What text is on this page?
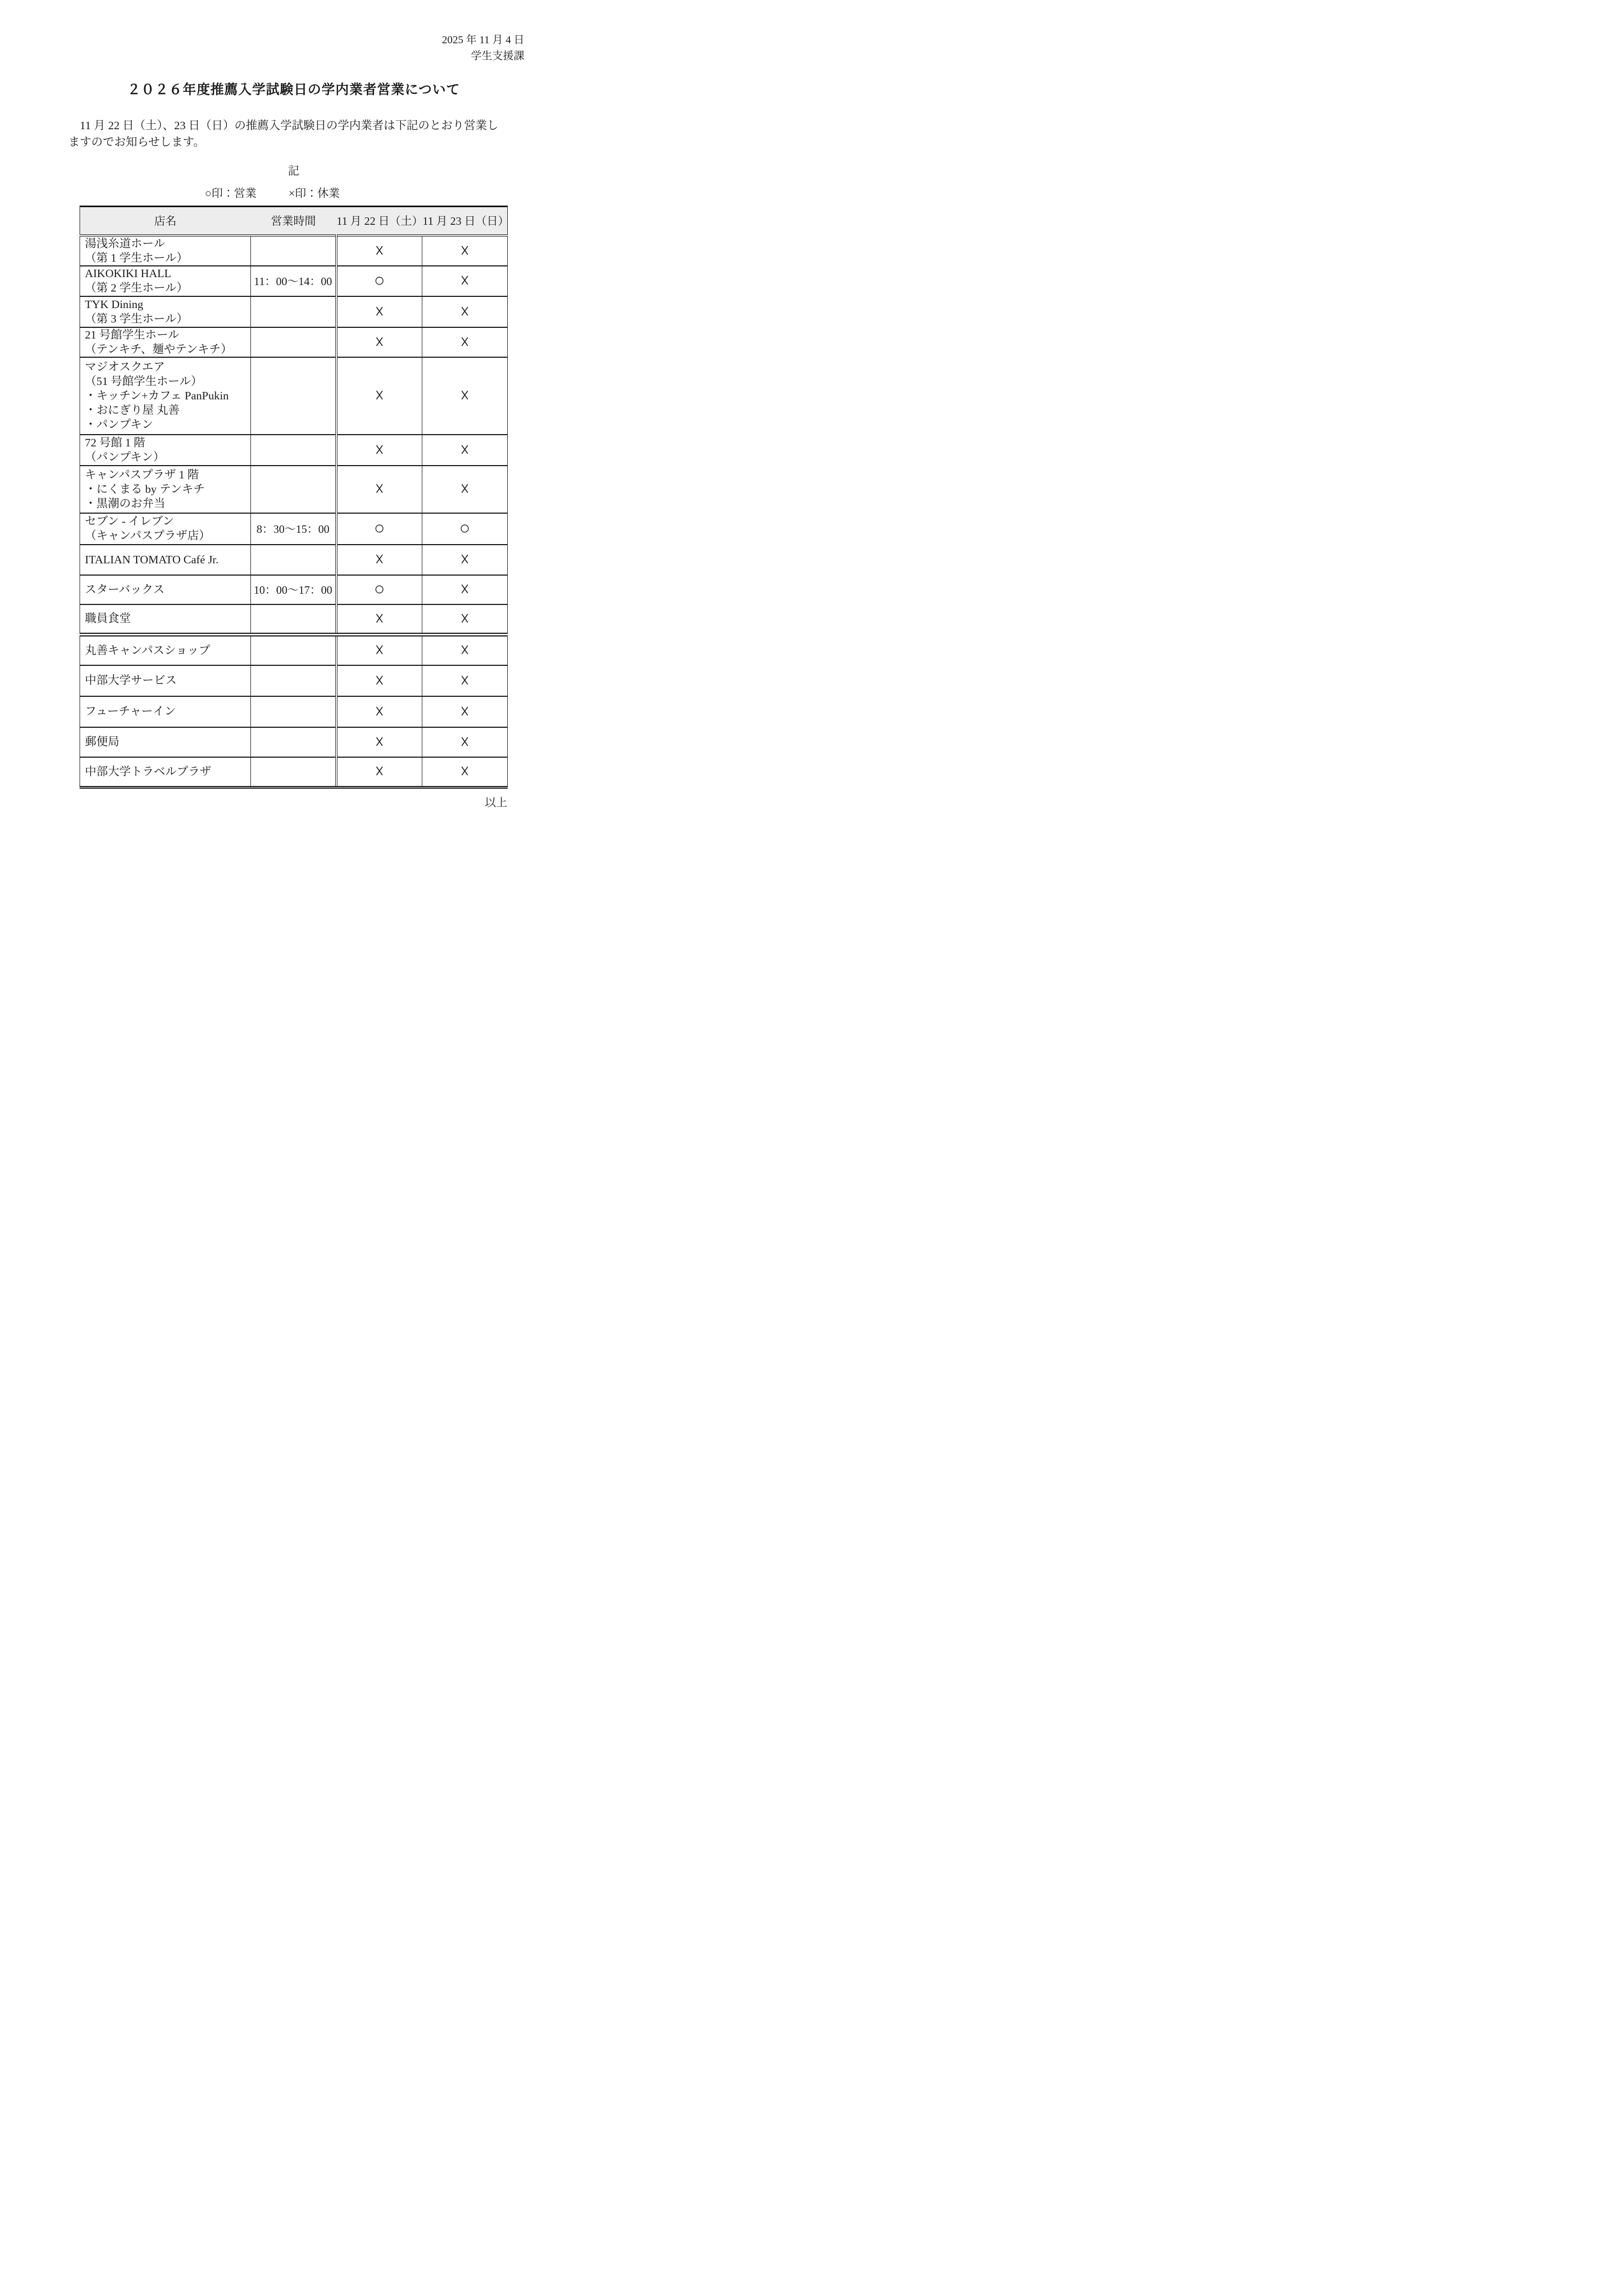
2025 年 11 月 4 日
学生支援課
２０２６年度推薦入学試験日の学内業者営業について
　11 月 22 日（土）、23 日（日）の推薦入学試験日の学内業者は下記のとおり営業し
ますのでお知らせします。
記
○印：営業	×印：休業
店名	営業時間	11 月 22 日（土）	11 月 23 日（日）

湯浅糸道ホール
（第 1 学生ホール）		×	×

AIKOKIKI HALL
（第 2 学生ホール）	11：00～14：00	○	×

TYK Dining
（第 3 学生ホール）		×	×

21 号館学生ホール
（テンキチ、麺やテンキチ）		×	×

マジオスクエア
（51 号館学生ホール）
・キッチン+カフェ PanPukin
・おにぎり屋 丸善
・パンプキン		×	×

72 号館 1 階
（パンプキン）		×	×

キャンパスプラザ 1 階
・にくまる by テンキチ
・黒潮のお弁当		×	×

セブン - イレブン
（キャンパスプラザ店）	8：30～15：00	○	○

ITALIAN TOMATO Café Jr.		×	×

スターバックス	10：00～17：00	○	×

職員食堂		×	×

丸善キャンパスショップ		×	×

中部大学サービス		×	×

フューチャーイン		×	×

郵便局		×	×

中部大学トラベルプラザ		×	×
以上
